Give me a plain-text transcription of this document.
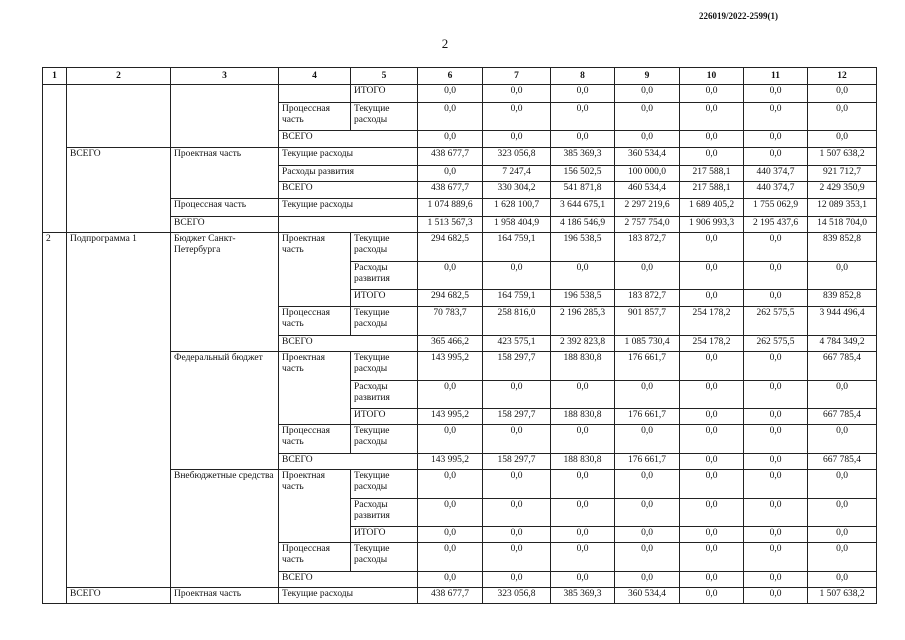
226019/2022-2599(1)
2
1	2	3	4	5	6	7	8	9	10	11	12
				ИТОГО	0,0	0,0	0,0	0,0	0,0	0,0	0,0
			Процессная часть	Текущие расходы	0,0	0,0	0,0	0,0	0,0	0,0	0,0
			ВСЕГО		0,0	0,0	0,0	0,0	0,0	0,0	0,0
	ВСЕГО	Проектная часть	Текущие расходы		438 677,7	323 056,8	385 369,3	360 534,4	0,0	0,0	1 507 638,2
			Расходы развития		0,0	7 247,4	156 502,5	100 000,0	217 588,1	440 374,7	921 712,7
			ВСЕГО		438 677,7	330 304,2	541 871,8	460 534,4	217 588,1	440 374,7	2 429 350,9
		Процессная часть	Текущие расходы		1 074 889,6	1 628 100,7	3 644 675,1	2 297 219,6	1 689 405,2	1 755 062,9	12 089 353,1
		ВСЕГО			1 513 567,3	1 958 404,9	4 186 546,9	2 757 754,0	1 906 993,3	2 195 437,6	14 518 704,0
2	Подпрограмма 1	Бюджет Санкт-Петербурга	Проектная часть	Текущие расходы	294 682,5	164 759,1	196 538,5	183 872,7	0,0	0,0	839 852,8
				Расходы развития	0,0	0,0	0,0	0,0	0,0	0,0	0,0
				ИТОГО	294 682,5	164 759,1	196 538,5	183 872,7	0,0	0,0	839 852,8
			Процессная часть	Текущие расходы	70 783,7	258 816,0	2 196 285,3	901 857,7	254 178,2	262 575,5	3 944 496,4
			ВСЕГО		365 466,2	423 575,1	2 392 823,8	1 085 730,4	254 178,2	262 575,5	4 784 349,2
		Федеральный бюджет	Проектная часть	Текущие расходы	143 995,2	158 297,7	188 830,8	176 661,7	0,0	0,0	667 785,4
				Расходы развития	0,0	0,0	0,0	0,0	0,0	0,0	0,0
				ИТОГО	143 995,2	158 297,7	188 830,8	176 661,7	0,0	0,0	667 785,4
			Процессная часть	Текущие расходы	0,0	0,0	0,0	0,0	0,0	0,0	0,0
			ВСЕГО		143 995,2	158 297,7	188 830,8	176 661,7	0,0	0,0	667 785,4
		Внебюджетные средства	Проектная часть	Текущие расходы	0,0	0,0	0,0	0,0	0,0	0,0	0,0
				Расходы развития	0,0	0,0	0,0	0,0	0,0	0,0	0,0
				ИТОГО	0,0	0,0	0,0	0,0	0,0	0,0	0,0
			Процессная часть	Текущие расходы	0,0	0,0	0,0	0,0	0,0	0,0	0,0
			ВСЕГО		0,0	0,0	0,0	0,0	0,0	0,0	0,0
	ВСЕГО	Проектная часть	Текущие расходы		438 677,7	323 056,8	385 369,3	360 534,4	0,0	0,0	1 507 638,2
